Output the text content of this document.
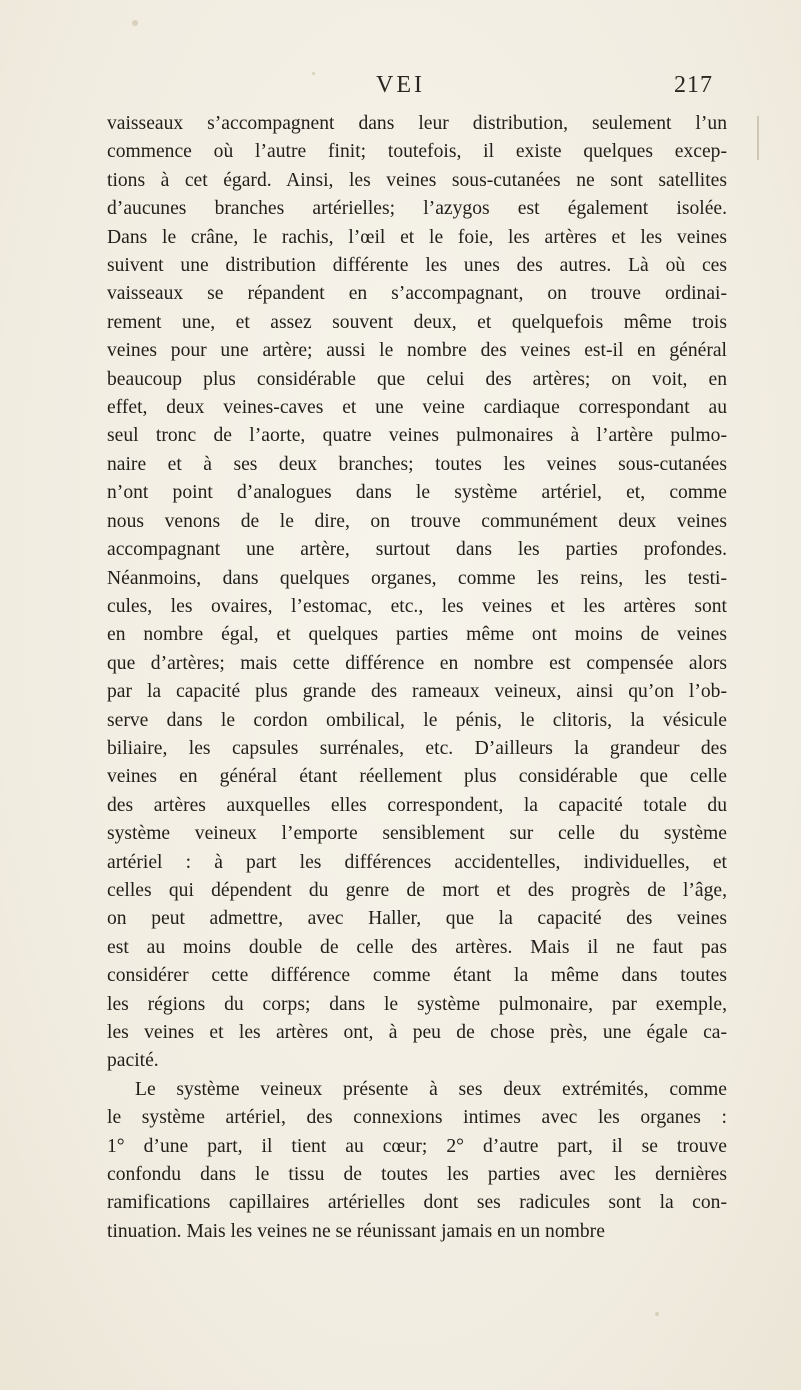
VEI	217

vaisseaux s’accompagnent dans leur distribution, seulement l’un
commence où l’autre finit; toutefois, il existe quelques excep-
tions à cet égard. Ainsi, les veines sous-cutanées ne sont satellites
d’aucunes branches artérielles; l’azygos est également isolée.
Dans le crâne, le rachis, l’œil et le foie, les artères et les veines
suivent une distribution différente les unes des autres. Là où ces
vaisseaux se répandent en s’accompagnant, on trouve ordinai-
rement une, et assez souvent deux, et quelquefois même trois
veines pour une artère; aussi le nombre des veines est-il en général
beaucoup plus considérable que celui des artères; on voit, en
effet, deux veines-caves et une veine cardiaque correspondant au
seul tronc de l’aorte, quatre veines pulmonaires à l’artère pulmo-
naire et à ses deux branches; toutes les veines sous-cutanées
n’ont point d’analogues dans le système artériel, et, comme
nous venons de le dire, on trouve communément deux veines
accompagnant une artère, surtout dans les parties profondes.
Néanmoins, dans quelques organes, comme les reins, les testi-
cules, les ovaires, l’estomac, etc., les veines et les artères sont
en nombre égal, et quelques parties même ont moins de veines
que d’artères; mais cette différence en nombre est compensée alors
par la capacité plus grande des rameaux veineux, ainsi qu’on l’ob-
serve dans le cordon ombilical, le pénis, le clitoris, la vésicule
biliaire, les capsules surrénales, etc. D’ailleurs la grandeur des
veines en général étant réellement plus considérable que celle
des artères auxquelles elles correspondent, la capacité totale du
système veineux l’emporte sensiblement sur celle du système
artériel : à part les différences accidentelles, individuelles, et
celles qui dépendent du genre de mort et des progrès de l’âge,
on peut admettre, avec Haller, que la capacité des veines
est au moins double de celle des artères. Mais il ne faut pas
considérer cette différence comme étant la même dans toutes
les régions du corps; dans le système pulmonaire, par exemple,
les veines et les artères ont, à peu de chose près, une égale ca-
pacité.

Le système veineux présente à ses deux extrémités, comme
le système artériel, des connexions intimes avec les organes :
1° d’une part, il tient au cœur; 2° d’autre part, il se trouve
confondu dans le tissu de toutes les parties avec les dernières
ramifications capillaires artérielles dont ses radicules sont la con-
tinuation. Mais les veines ne se réunissant jamais en un nombre
